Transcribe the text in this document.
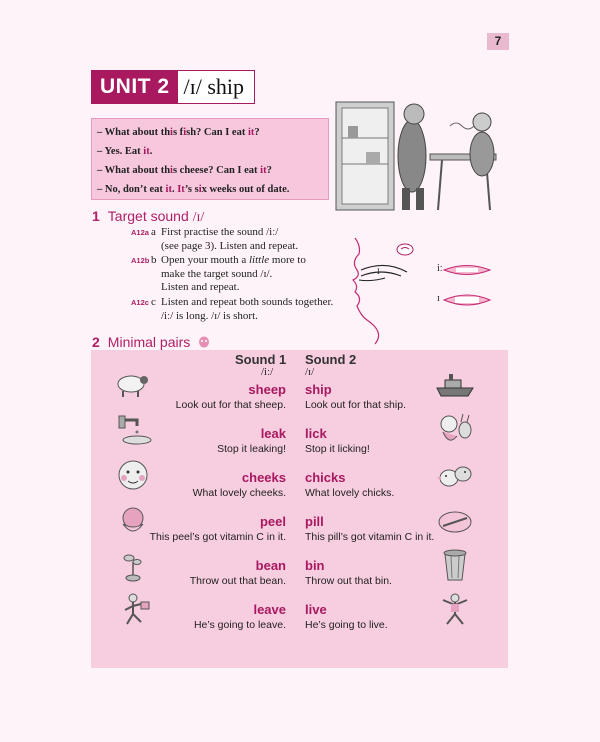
7
UNIT 2 /ɪ/ ship
– What about this fish? Can I eat it?
– Yes. Eat it.
– What about this cheese? Can I eat it?
– No, don’t eat it. It’s six weeks out of date.
1 Target sound /ɪ/
A12a a First practise the sound /iː/
(see page 3). Listen and repeat.
A12b b Open your mouth a little more to
make the target sound /ɪ/.
Listen and repeat.
A12c c Listen and repeat both sounds together.
/iː/ is long. /ɪ/ is short.
I	iː
ɪ
2 Minimal pairs
Sound 1 Sound 2
/iː/	/ɪ/
sheep
Look out for that sheep.
ship
Look out for that ship.
leak
Stop it leaking!
lick
Stop it licking!
cheeks
What lovely cheeks.
chicks
What lovely chicks.
peel
This peel’s got vitamin C in it.
pill
This pill’s got vitamin C in it.
bean
Throw out that bean.
bin
Throw out that bin.
leave
He’s going to leave.
live
He’s going to live.
